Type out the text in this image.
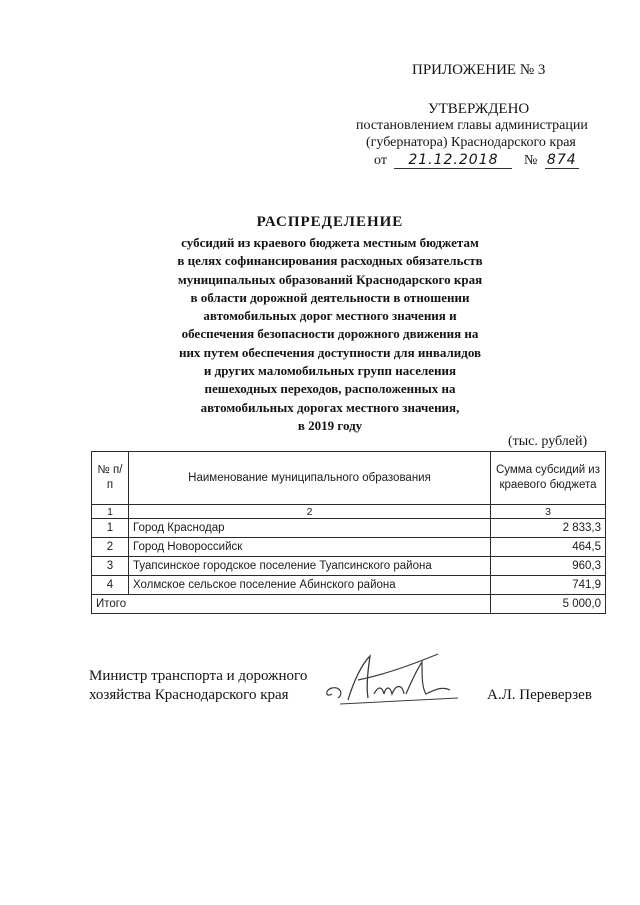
ПРИЛОЖЕНИЕ № 3
УТВЕРЖДЕНО
постановлением главы администрации
(губернатора) Краснодарского края
от 21.12.2018 № 874
РАСПРЕДЕЛЕНИЕ
субсидий из краевого бюджета местным бюджетам
в целях софинансирования расходных обязательств
муниципальных образований Краснодарского края
в области дорожной деятельности в отношении
автомобильных дорог местного значения и
обеспечения безопасности дорожного движения на
них путем обеспечения доступности для инвалидов
и других маломобильных групп населения
пешеходных переходов, расположенных на
автомобильных дорогах местного значения,
в 2019 году
(тыс. рублей)
№ п/п	Наименование муниципального образования	Сумма субсидий из краевого бюджета
1	2	3
1	Город Краснодар	2 833,3
2	Город Новороссийск	464,5
3	Туапсинское городское поселение Туапсинского района	960,3
4	Холмское сельское поселение Абинского района	741,9
Итого		5 000,0
Министр транспорта и дорожного
хозяйства Краснодарского края	А.Л. Переверзев
